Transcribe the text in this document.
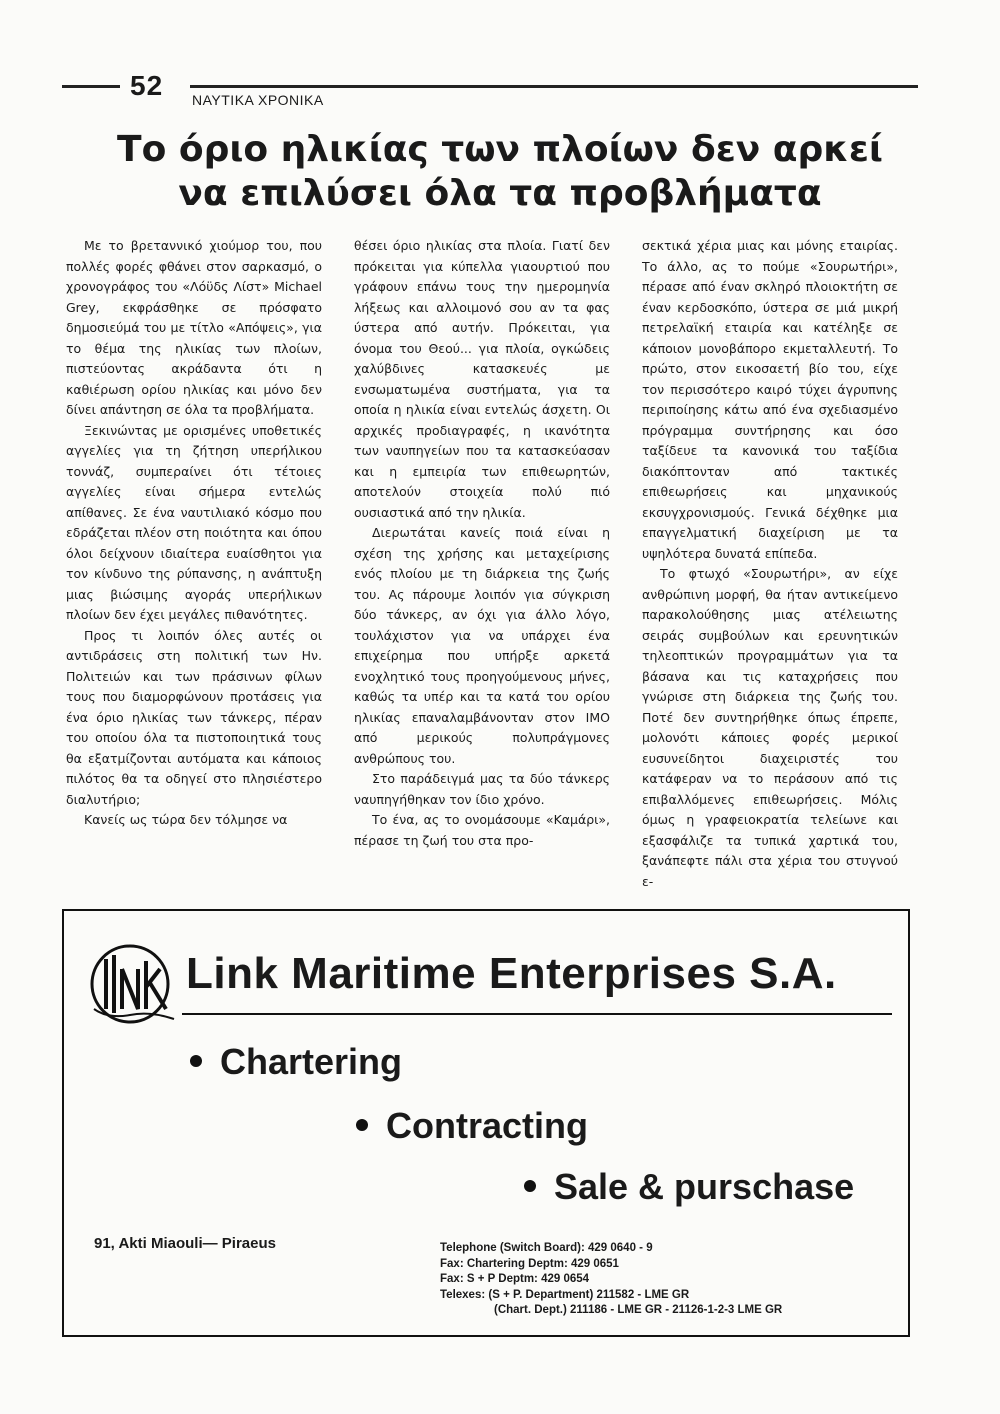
52 ΝΑΥΤΙΚΑ ΧΡΟΝΙΚΑ
Το όριο ηλικίας των πλοίων δεν αρκεί
να επιλύσει όλα τα προβλήματα

Με το βρεταννικό χιούμορ του, που πολλές φορές φθάνει στον σαρκασμό, ο χρονογράφος του «Λόϋδς Λίστ» Michael Grey, εκφράσθηκε σε πρόσφατο δημοσιεύμά του με τίτλο «Απόψεις», για το θέμα της ηλικίας των πλοίων, πιστεύοντας ακράδαντα ότι η καθιέρωση ορίου ηλικίας και μόνο δεν δίνει απάντηση σε όλα τα προβλήματα.

Ξεκινώντας με ορισμένες υποθετικές αγγελίες για τη ζήτηση υπερήλικου τοννάζ, συμπεραίνει ότι τέτοιες αγγελίες είναι σήμερα εντελώς απίθανες. Σε ένα ναυτιλιακό κόσμο που εδράζεται πλέον στη ποιότητα και όπου όλοι δείχνουν ιδιαίτερα ευαίσθητοι για τον κίνδυνο της ρύπανσης, η ανάπτυξη μιας βιώσιμης αγοράς υπερήλικων πλοίων δεν έχει μεγάλες πιθανότητες.

Προς τι λοιπόν όλες αυτές οι αντιδράσεις στη πολιτική των Ην. Πολιτειών και των πράσινων φίλων τους που διαμορφώνουν προτάσεις για ένα όριο ηλικίας των τάνκερς, πέραν του οποίου όλα τα πιστοποιητικά τους θα εξατμίζονται αυτόματα και κάποιος πιλότος θα τα οδηγεί στο πλησιέστερο διαλυτήριο;

Κανείς ως τώρα δεν τόλμησε να

θέσει όριο ηλικίας στα πλοία. Γιατί δεν πρόκειται για κύπελλα γιαουρτιού που γράφουν επάνω τους την ημερομηνία λήξεως και αλλοιμονό σου αν τα φας ύστερα από αυτήν. Πρόκειται, για όνομα του Θεού... για πλοία, ογκώδεις χαλύβδινες κατασκευές με ενσωματωμένα συστήματα, για τα οποία η ηλικία είναι εντελώς άσχετη. Οι αρχικές προδιαγραφές, η ικανότητα των ναυπηγείων που τα κατασκεύασαν και η εμπειρία των επιθεωρητών, αποτελούν στοιχεία πολύ πιό ουσιαστικά από την ηλικία.

Διερωτάται κανείς ποιά είναι η σχέση της χρήσης και μεταχείρισης ενός πλοίου με τη διάρκεια της ζωής του. Ας πάρουμε λοιπόν για σύγκριση δύο τάνκερς, αν όχι για άλλο λόγο, τουλάχιστον για να υπάρχει ένα επιχείρημα που υπήρξε αρκετά ενοχλητικό τους προηγούμενους μήνες, καθώς τα υπέρ και τα κατά του ορίου ηλικίας επαναλαμβάνονταν στον ΙΜΟ από μερικούς πολυπράγμονες ανθρώπους του.

Στο παράδειγμά μας τα δύο τάνκερς ναυπηγήθηκαν τον ίδιο χρόνο.

Το ένα, ας το ονομάσουμε «Καμάρι», πέρασε τη ζωή του στα προ-

σεκτικά χέρια μιας και μόνης εταιρίας. Το άλλο, ας το πούμε «Σουρωτήρι», πέρασε από έναν σκληρό πλοιοκτήτη σε έναν κερδοσκόπο, ύστερα σε μιά μικρή πετρελαϊκή εταιρία και κατέληξε σε κάποιον μονοβάπορο εκμεταλλευτή. Το πρώτο, στον εικοσαετή βίο του, είχε τον περισσότερο καιρό τύχει άγρυπνης περιποίησης κάτω από ένα σχεδιασμένο πρόγραμμα συντήρησης και όσο ταξίδευε τα κανονικά του ταξίδια διακόπτονταν από τακτικές επιθεωρήσεις και μηχανικούς εκσυγχρονισμούς. Γενικά δέχθηκε μια επαγγελματική διαχείριση με τα υψηλότερα δυνατά επίπεδα.

Το φτωχό «Σουρωτήρι», αν είχε ανθρώπινη μορφή, θα ήταν αντικείμενο παρακολούθησης μιας ατέλειωτης σειράς συμβούλων και ερευνητικών τηλεοπτικών προγραμμάτων για τα βάσανα και τις καταχρήσεις που γνώρισε στη διάρκεια της ζωής του. Ποτέ δεν συντηρήθηκε όπως έπρεπε, μολονότι κάποιες φορές μερικοί ευσυνείδητοι διαχειριστές του κατάφεραν να το περάσουν από τις επιβαλλόμενες επιθεωρήσεις. Μόλις όμως η γραφειοκρατία τελείωνε και εξασφάλιζε τα τυπικά χαρτικά του, ξανάπεφτε πάλι στα χέρια του στυγνού ε-

Link Maritime Enterprises S.A.
Chartering
Contracting
Sale & purschase
91, Akti Miaouli— Piraeus	Telephone (Switch Board): 429 0640 - 9
Fax: Chartering Deptm: 429 0651
Fax: S + P Deptm: 429 0654
Telexes: (S + P. Department) 211582 - LME GR
(Chart. Dept.) 211186 - LME GR - 21126-1-2-3 LME GR
